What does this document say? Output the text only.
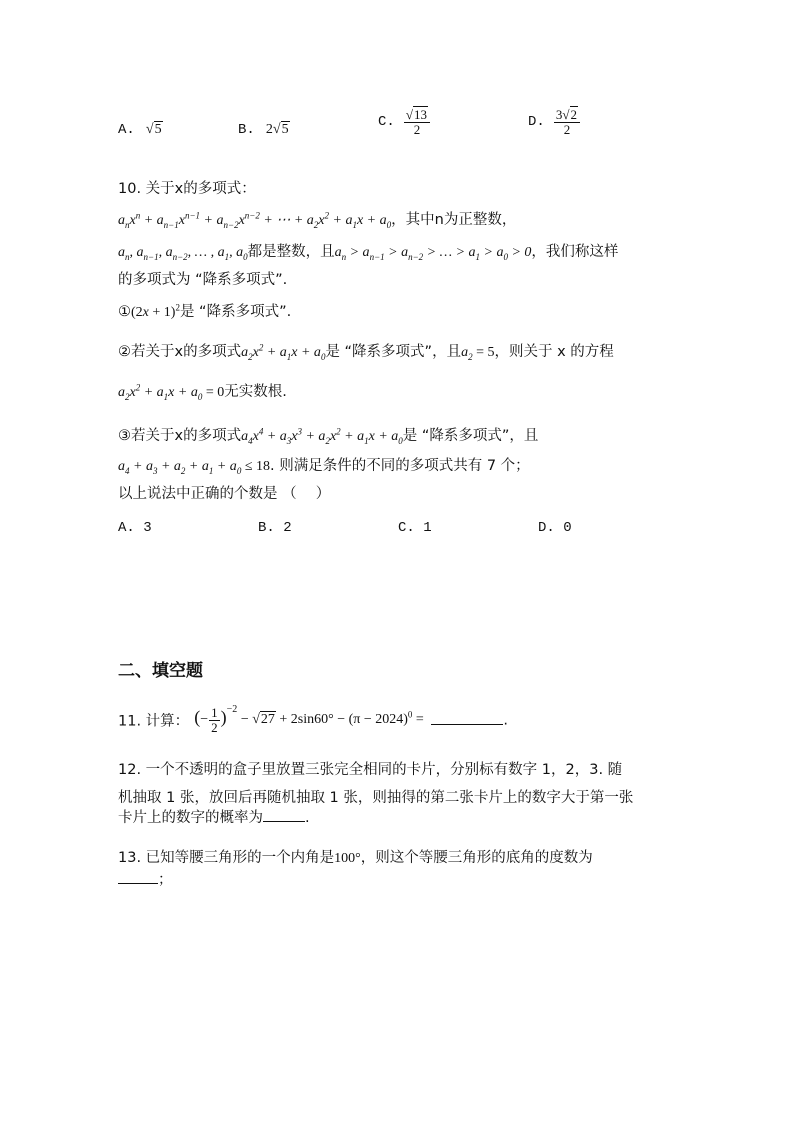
A. √5	B. 2√5	C. $\frac{√13}{2}$	D. $\frac{3√2}{2}$
10. 关于x的多项式：
$a_nx^n + a_{n-1}x^{n-1} + a_{n-2}x^{n-2}$ + ⋯ + $a_2x^2 + a_1x + a_0$，其中n为正整数，
$a_n$, $a_{n-1}$, $a_{n-2}$, … , $a_1$, $a_0$都是整数，且$a_n > a_{n-1} > a_{n-2}$ > … > $a_1 > a_0 > 0$，我们称这样
的多项式为 “降系多项式”.
①(2x + 1)$^2$是 “降系多项式”.
②若关于x的多项式$a_2x^2 + a_1x + a_0$是 “降系多项式”，且$a_2 = 5$，则关于 x 的方程
$a_2x^2 + a_1x + a_0 = 0$无实数根.
③若关于x的多项式$a_4x^4 + a_3x^3 + a_2x^2 + a_1x + a_0$是 “降系多项式”，且
$a_4 + a_3 + a_2 + a_1 + a_0 \le 18$. 则满足条件的不同的多项式共有 7 个；
以上说法中正确的个数是 （　 ）
A. 3	B. 2	C. 1	D. 0
二、填空题
11. 计算： (− $\frac{1}{2} )^{-2} - √27 + 2\sin 60^\circ - (\pi - 2024)^0$ =	.
12. 一个不透明的盒子里放置三张完全相同的卡片，分别标有数字 1，2，3. 随
机抽取 1 张，放回后再随机抽取 1 张，则抽得的第二张卡片上的数字大于第一张
卡片上的数字的概率为	.
13. 已知等腰三角形的一个内角是100°，则这个等腰三角形的底角的度数为
；
